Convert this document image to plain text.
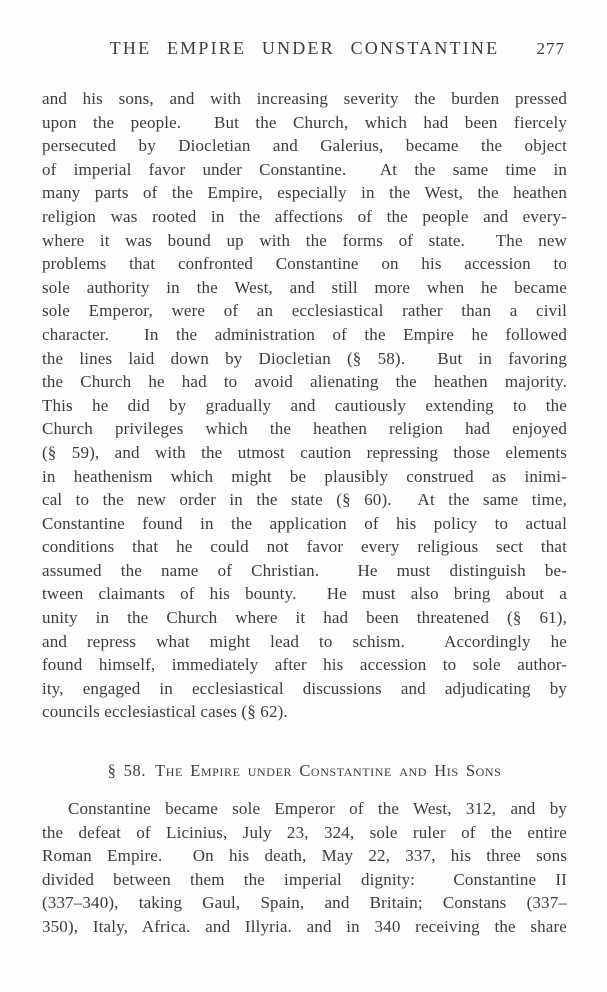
THE EMPIRE UNDER CONSTANTINE	277
and his sons, and with increasing severity the burden pressed
upon the people.  But the Church, which had been fiercely
persecuted by Diocletian and Galerius, became the object
of imperial favor under Constantine.  At the same time in
many parts of the Empire, especially in the West, the heathen
religion was rooted in the affections of the people and every-
where it was bound up with the forms of state.  The new
problems that confronted Constantine on his accession to
sole authority in the West, and still more when he became
sole Emperor, were of an ecclesiastical rather than a civil
character.  In the administration of the Empire he followed
the lines laid down by Diocletian (§ 58).  But in favoring
the Church he had to avoid alienating the heathen majority.
This he did by gradually and cautiously extending to the
Church privileges which the heathen religion had enjoyed
(§ 59), and with the utmost caution repressing those elements
in heathenism which might be plausibly construed as inimi-
cal to the new order in the state (§ 60).  At the same time,
Constantine found in the application of his policy to actual
conditions that he could not favor every religious sect that
assumed the name of Christian.  He must distinguish be-
tween claimants of his bounty.  He must also bring about a
unity in the Church where it had been threatened (§ 61),
and repress what might lead to schism.  Accordingly he
found himself, immediately after his accession to sole author-
ity, engaged in ecclesiastical discussions and adjudicating by
councils ecclesiastical cases (§ 62).
§ 58. The Empire under Constantine and His Sons
Constantine became sole Emperor of the West, 312, and by
the defeat of Licinius, July 23, 324, sole ruler of the entire
Roman Empire.  On his death, May 22, 337, his three sons
divided between them the imperial dignity:  Constantine II
(337–340), taking Gaul, Spain, and Britain; Constans (337–
350), Italy, Africa. and Illyria. and in 340 receiving the share
